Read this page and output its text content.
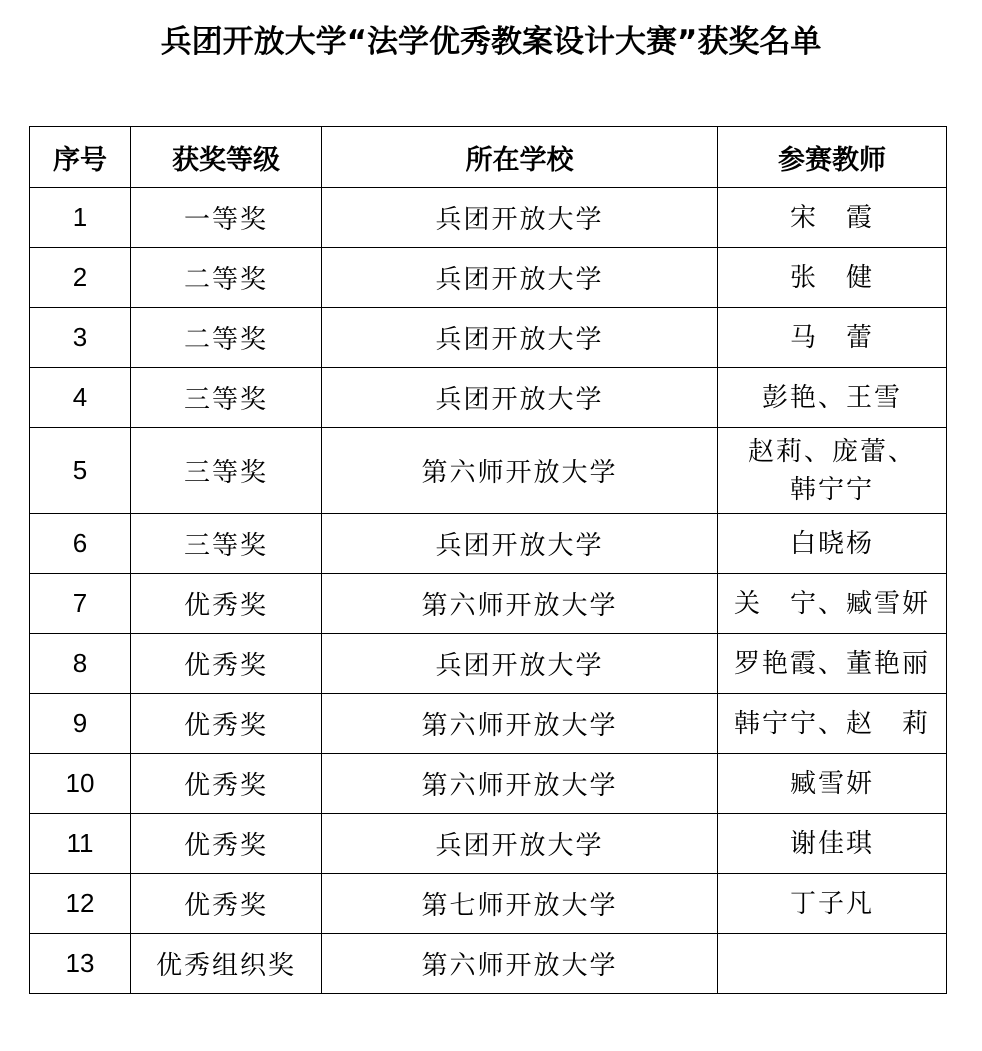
兵团开放大学“法学优秀教案设计大赛”获奖名单
序号	获奖等级	所在学校	参赛教师
1	一等奖	兵团开放大学	宋　霞
2	二等奖	兵团开放大学	张　健
3	二等奖	兵团开放大学	马　蕾
4	三等奖	兵团开放大学	彭艳、王雪
5	三等奖	第六师开放大学	赵莉、庞蕾、
韩宁宁
6	三等奖	兵团开放大学	白晓杨
7	优秀奖	第六师开放大学	关　宁、臧雪妍
8	优秀奖	兵团开放大学	罗艳霞、董艳丽
9	优秀奖	第六师开放大学	韩宁宁、赵　莉
10	优秀奖	第六师开放大学	臧雪妍
11	优秀奖	兵团开放大学	谢佳琪
12	优秀奖	第七师开放大学	丁子凡
13	优秀组织奖	第六师开放大学	
